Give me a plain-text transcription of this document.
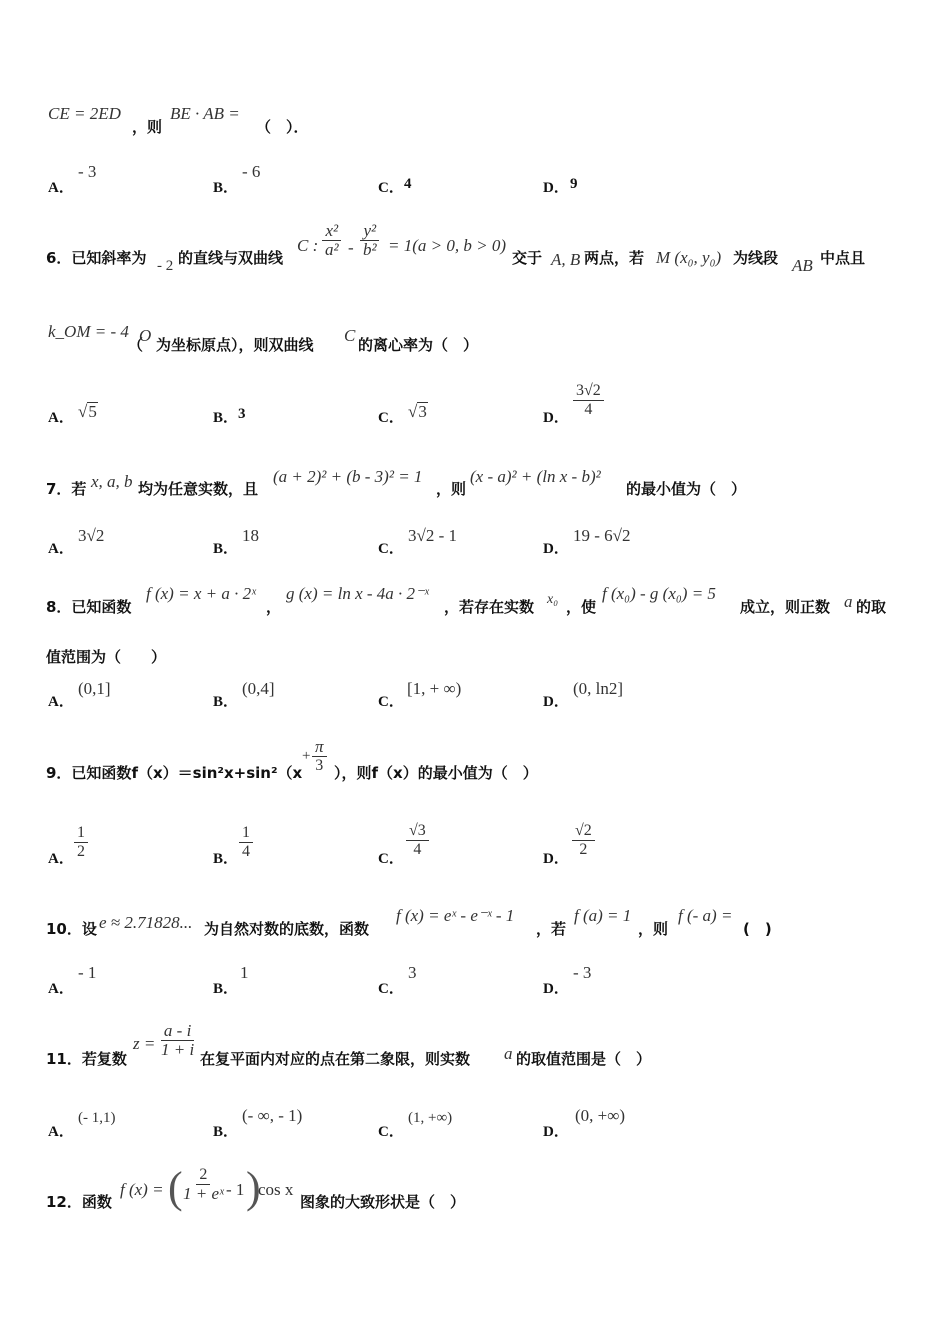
CE = 2ED
，则
BE · AB =
（　）．
A．
- 3
B．
- 6
C． 4	D． 9
6．已知斜率为 - 2 的直线与双曲线
C : $\frac{\text{x²}}{\text{a²}} - \frac{\text{y²}}{\text{b²}} = 1(a > 0$, b > 0)
交于 A, B 两点，若 M (x₀, y₀) 为线段 AB 中点且
k_OM = - 4
（
O 为坐标原点），则双曲线 C 的离心率为（　）
A． √5	B． 3	C． √3	D． $\frac{3√2}{4}$
7．若 x, a, b 均为任意实数，且
(a + 2)² + (b - 3)² = 1
，则
(x - a)² + (ln x - b)²
的最小值为（　）
A．
3√2
B．
18
C．
3√2 - 1
D．
19 - 6√2
8．已知函数
f (x) = x + a · 2ˣ
，
g (x) = ln x - 4a · 2⁻ˣ
，若存在实数 x₀ ，使
f (x₀) - g (x₀) = 5
成立，则正数 a 的取
值范围为（　　）
A．
(0,1]
B．
(0,4]
C．
[1, + ∞)
D．
(0, ln2]
9．已知函数f（x）＝sin²x+sin²（x
+ $\frac{\pi}{3}$ ），则f（x）的最小值为（　）
A． $\frac{1}{2}$	B． $\frac{1}{4}$	C． $\frac{√3}{4}$	D． $\frac{√2}{2}$
10．设 e ≈ 2.71828... 为自然对数的底数，函数
f (x) = eˣ - e⁻ˣ - 1
，若
f (a) = 1
，则
f (- a) =
(　)
A．
- 1
B．
1
C．
3
D．
- 3
11．若复数
$z = \frac{a - i}{1 + i}$ 在复平面内对应的点在第二象限，则实数 a 的取值范围是（　）
A．
(- 1,1)
B．
(- ∞, - 1)
C．
(1, +∞)
D．
(0, +∞)
12．函数
f (x) = (
$\frac{2}{\text{1 + eˣ}} - 1$ )
cos x
图象的大致形状是（　）
